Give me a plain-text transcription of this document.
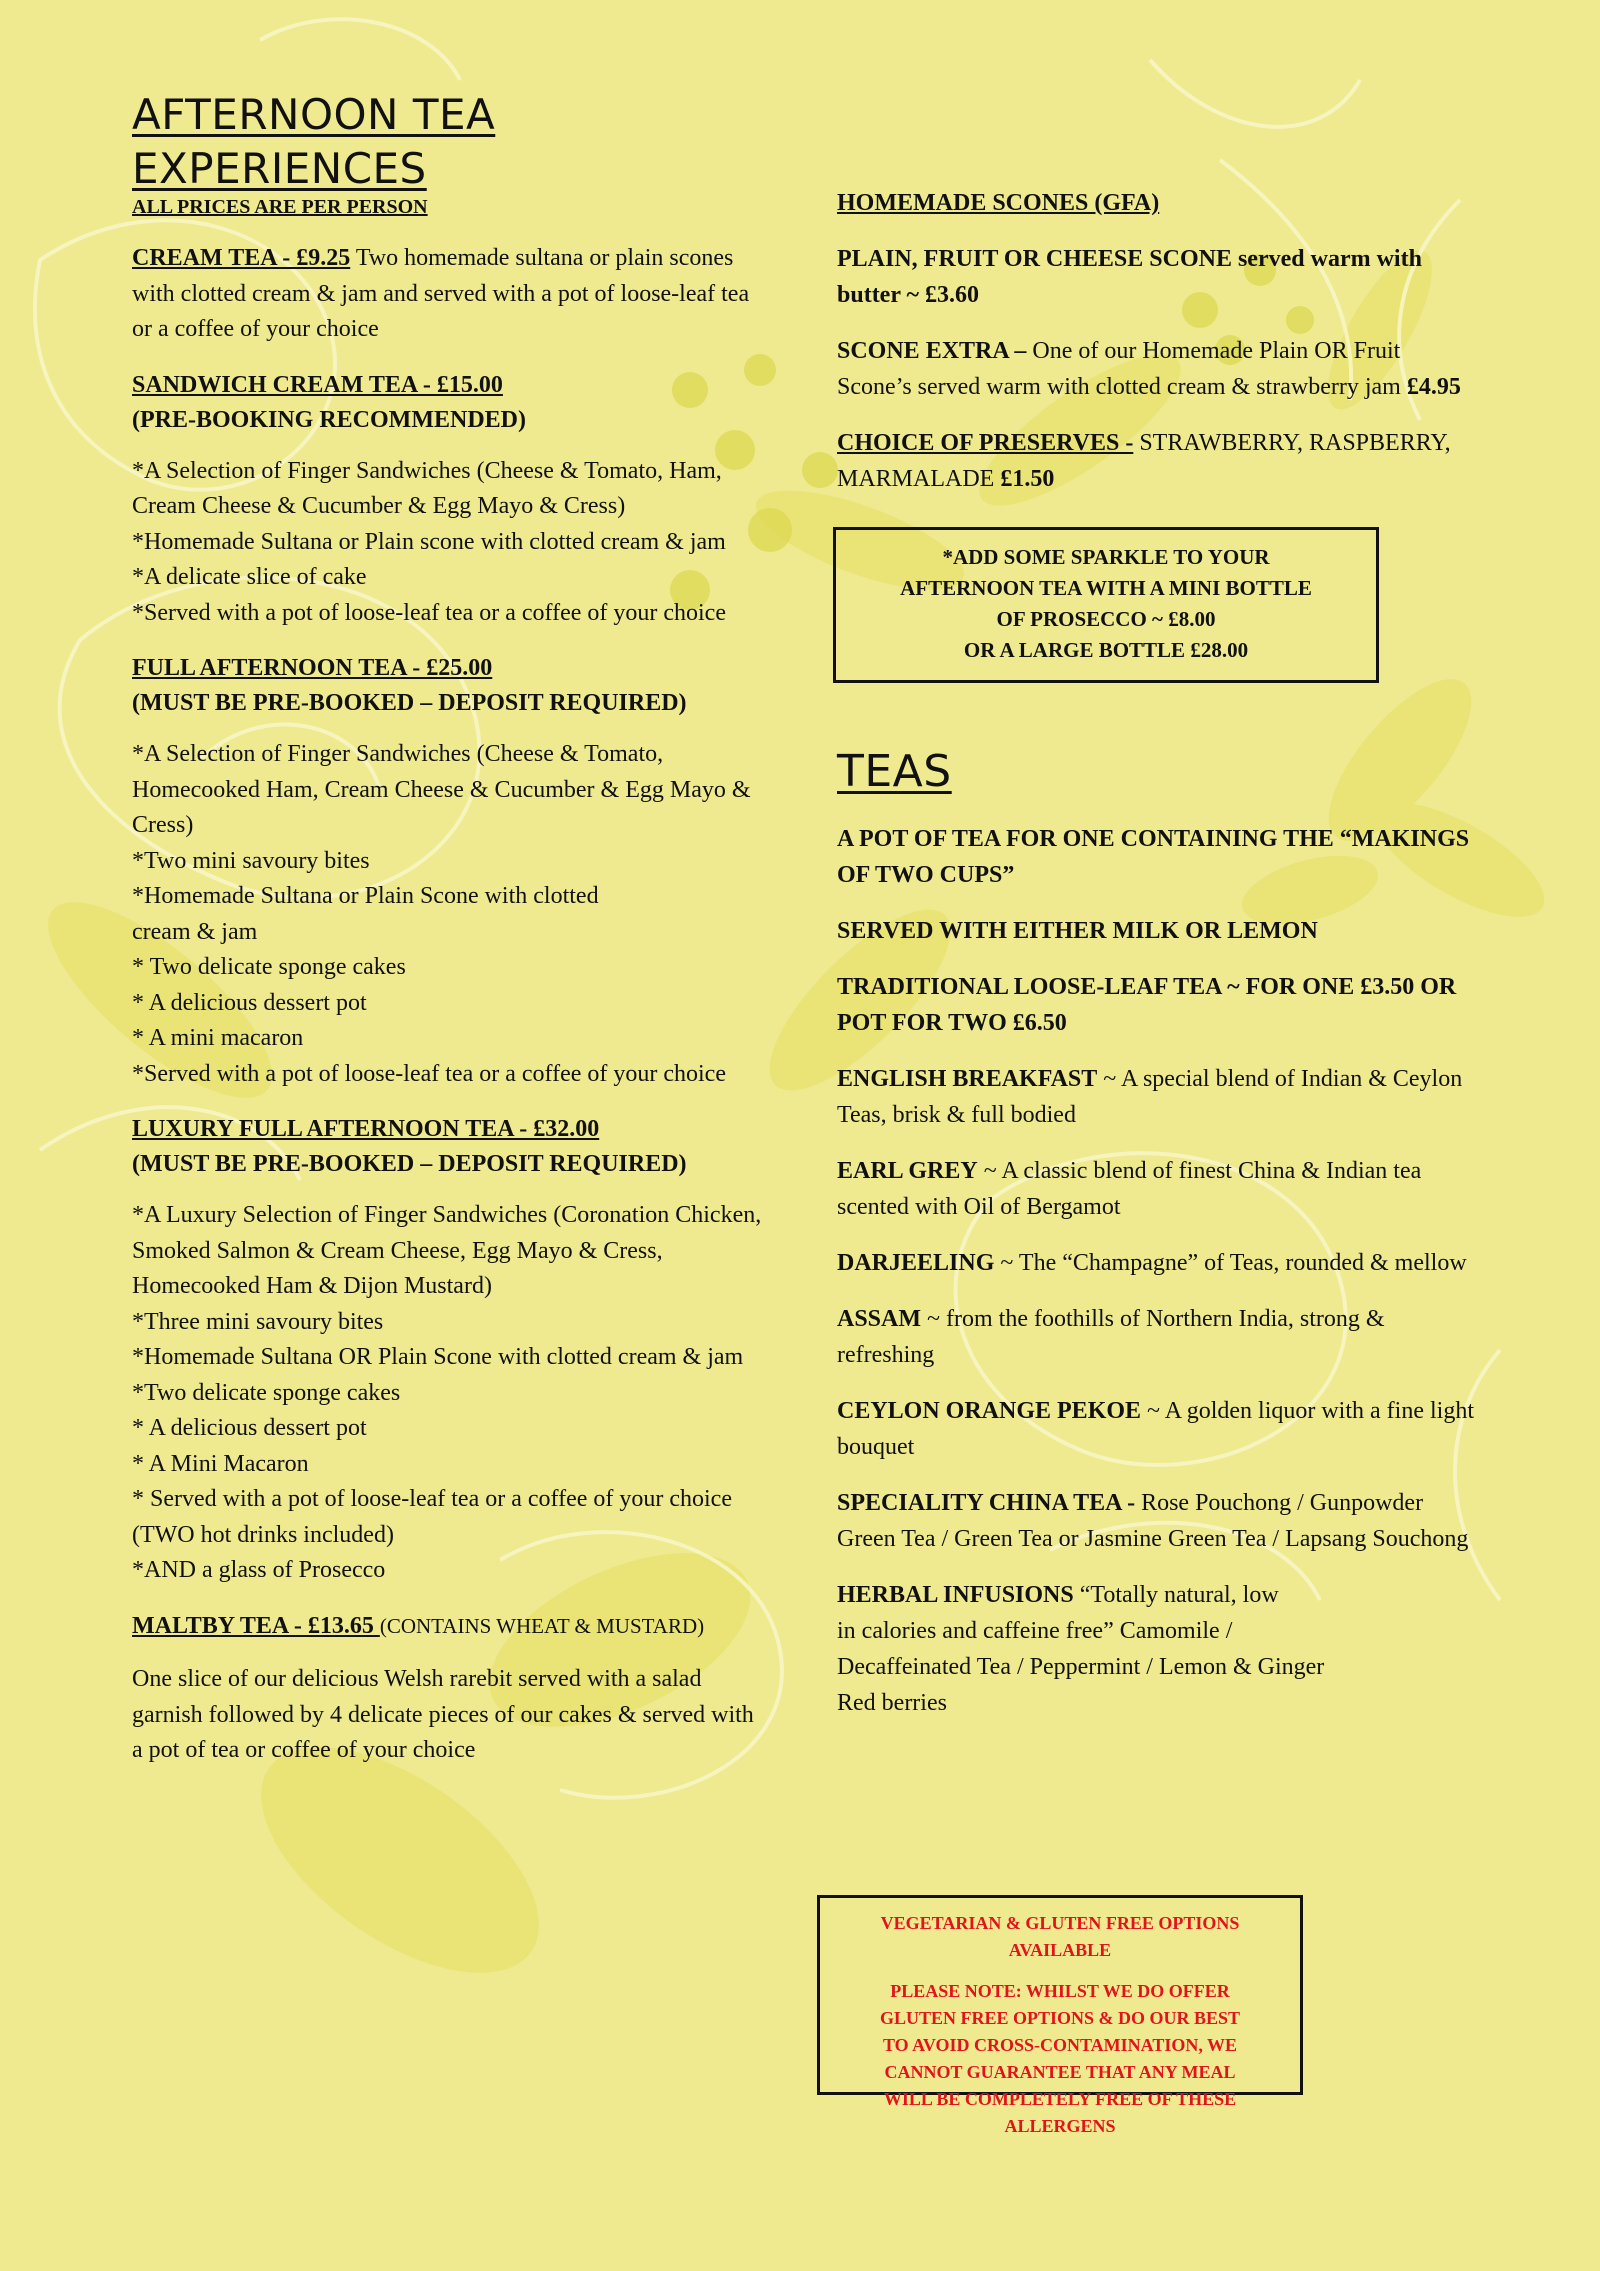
AFTERNOON TEA
EXPERIENCES
ALL PRICES ARE PER PERSON

CREAM TEA - £9.25 Two homemade sultana or plain scones with clotted cream & jam and served with a pot of loose-leaf tea or a coffee of your choice

SANDWICH CREAM TEA - £15.00
(PRE-BOOKING RECOMMENDED)
*A Selection of Finger Sandwiches (Cheese & Tomato, Ham, Cream Cheese & Cucumber & Egg Mayo & Cress)
*Homemade Sultana or Plain scone with clotted cream & jam
*A delicate slice of cake
*Served with a pot of loose-leaf tea or a coffee of your choice
FULL AFTERNOON TEA - £25.00
(MUST BE PRE-BOOKED – DEPOSIT REQUIRED)
*A Selection of Finger Sandwiches (Cheese & Tomato, Homecooked Ham, Cream Cheese & Cucumber & Egg Mayo & Cress)
*Two mini savoury bites
*Homemade Sultana or Plain Scone with clotted
cream & jam
* Two delicate sponge cakes
* A delicious dessert pot
* A mini macaron
*Served with a pot of loose-leaf tea or a coffee of your choice
LUXURY FULL AFTERNOON TEA - £32.00
(MUST BE PRE-BOOKED – DEPOSIT REQUIRED)
*A Luxury Selection of Finger Sandwiches (Coronation Chicken, Smoked Salmon & Cream Cheese, Egg Mayo & Cress, Homecooked Ham & Dijon Mustard)
*Three mini savoury bites
*Homemade Sultana OR Plain Scone with clotted cream & jam
*Two delicate sponge cakes
* A delicious dessert pot
* A Mini Macaron
* Served with a pot of loose-leaf tea or a coffee of your choice (TWO hot drinks included)
*AND a glass of Prosecco

MALTBY TEA - £13.65 (CONTAINS WHEAT & MUSTARD)

One slice of our delicious Welsh rarebit served with a salad garnish followed by 4 delicate pieces of our cakes & served with a pot of tea or coffee of your choice

HOMEMADE SCONES (GFA)
PLAIN, FRUIT OR CHEESE SCONE served warm with butter ~ £3.60
SCONE EXTRA – One of our Homemade Plain OR Fruit Scone’s served warm with clotted cream & strawberry jam £4.95
CHOICE OF PRESERVES - STRAWBERRY, RASPBERRY, MARMALADE £1.50
*ADD SOME SPARKLE TO YOUR
AFTERNOON TEA WITH A MINI BOTTLE
OF PROSECCO ~ £8.00
OR A LARGE BOTTLE £28.00
TEAS
A POT OF TEA FOR ONE CONTAINING THE “MAKINGS OF TWO CUPS”
SERVED WITH EITHER MILK OR LEMON
TRADITIONAL LOOSE-LEAF TEA ~ FOR ONE £3.50 OR POT FOR TWO £6.50
ENGLISH BREAKFAST ~ A special blend of Indian & Ceylon Teas, brisk & full bodied
EARL GREY ~ A classic blend of finest China & Indian tea scented with Oil of Bergamot
DARJEELING ~ The “Champagne” of Teas, rounded & mellow
ASSAM ~ from the foothills of Northern India, strong & refreshing
CEYLON ORANGE PEKOE ~ A golden liquor with a fine light bouquet
SPECIALITY CHINA TEA - Rose Pouchong / Gunpowder Green Tea / Green Tea or Jasmine Green Tea / Lapsang Souchong
HERBAL INFUSIONS “Totally natural, low
in calories and caffeine free” Camomile /
Decaffeinated Tea / Peppermint / Lemon & Ginger
Red berries
VEGETARIAN & GLUTEN FREE OPTIONS
AVAILABLE
PLEASE NOTE: WHILST WE DO OFFER
GLUTEN FREE OPTIONS & DO OUR BEST
TO AVOID CROSS-CONTAMINATION, WE
CANNOT GUARANTEE THAT ANY MEAL
WILL BE COMPLETELY FREE OF THESE
ALLERGENS
